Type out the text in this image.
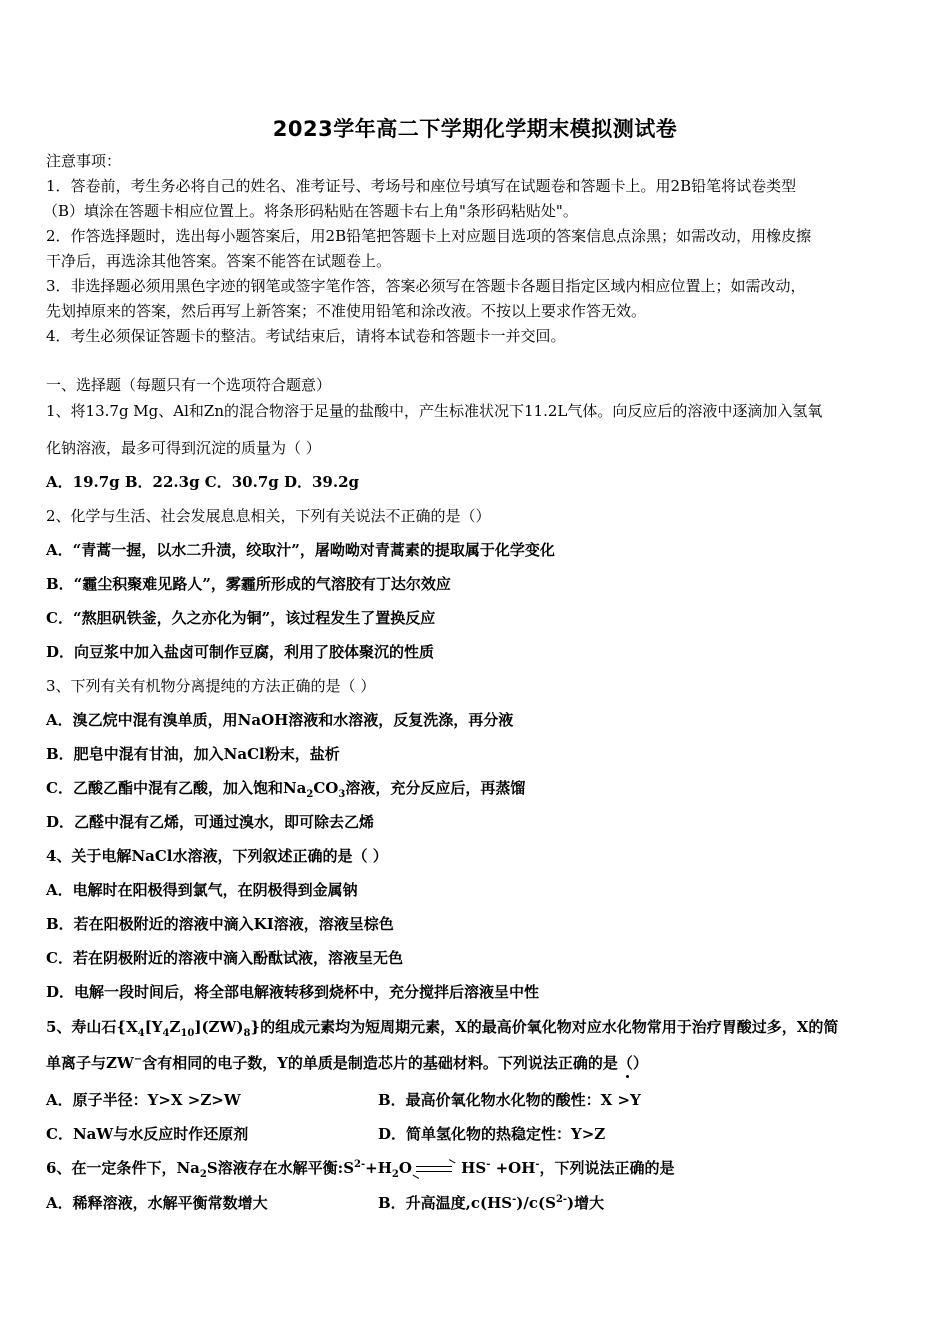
2023学年高二下学期化学期末模拟测试卷
注意事项：
1．答卷前，考生务必将自己的姓名、准考证号、考场号和座位号填写在试题卷和答题卡上。用2B铅笔将试卷类型
（B）填涂在答题卡相应位置上。将条形码粘贴在答题卡右上角"条形码粘贴处"。
2．作答选择题时，选出每小题答案后，用2B铅笔把答题卡上对应题目选项的答案信息点涂黑；如需改动，用橡皮擦
干净后，再选涂其他答案。答案不能答在试题卷上。
3．非选择题必须用黑色字迹的钢笔或签字笔作答，答案必须写在答题卡各题目指定区域内相应位置上；如需改动，
先划掉原来的答案，然后再写上新答案；不准使用铅笔和涂改液。不按以上要求作答无效。
4．考生必须保证答题卡的整洁。考试结束后，请将本试卷和答题卡一并交回。
一、选择题（每题只有一个选项符合题意）
1、将13.7g Mg、Al和Zn的混合物溶于足量的盐酸中，产生标准状况下11.2L气体。向反应后的溶液中逐滴加入氢氧
化钠溶液，最多可得到沉淀的质量为（ ）
A．19.7g B．22.3g C．30.7g D．39.2g
2、化学与生活、社会发展息息相关，下列有关说法不正确的是（）
A．“青蒿一握，以水二升渍，绞取汁”，屠呦呦对青蒿素的提取属于化学变化
B．“霾尘积聚难见路人”，雾霾所形成的气溶胶有丁达尔效应
C．“熬胆矾铁釜，久之亦化为铜”，该过程发生了置换反应
D．向豆浆中加入盐卤可制作豆腐，利用了胶体聚沉的性质
3、下列有关有机物分离提纯的方法正确的是（ ）
A．溴乙烷中混有溴单质，用NaOH溶液和水溶液，反复洗涤，再分液
B．肥皂中混有甘油，加入NaCl粉末，盐析
C．乙酸乙酯中混有乙酸，加入饱和$Na_2CO_3$溶液，充分反应后，再蒸馏
D．乙醛中混有乙烯，可通过溴水，即可除去乙烯
4、关于电解NaCl水溶液，下列叙述正确的是（ ）
A．电解时在阳极得到氯气，在阴极得到金属钠
B．若在阳极附近的溶液中滴入KI溶液，溶液呈棕色
C．若在阴极附近的溶液中滴入酚酞试液，溶液呈无色
D．电解一段时间后，将全部电解液转移到烧杯中，充分搅拌后溶液呈中性
5、寿山石$\{X_4[Y_4Z_{10}](ZW)_8\}$的组成元素均为短周期元素，X的最高价氧化物对应水化物常用于治疗胃酸过多，X的简
单离子与ZW−含有相同的电子数，Y的单质是制造芯片的基础材料。下列说法正确的是（）
A．原子半径：Y>X >Z>W	B．最高价氧化物水化物的酸性：X >Y
C．NaW与水反应时作还原剂	D．简单氢化物的热稳定性：Y>Z
6、在一定条件下，$Na_2S$溶液存在水解平衡$:S^{2-}+H_2O \to HS^- +OH^-$，下列说法正确的是
A．稀释溶液，水解平衡常数增大	B．升高温度$,c(HS^-)/c(S^{2-})$增大
